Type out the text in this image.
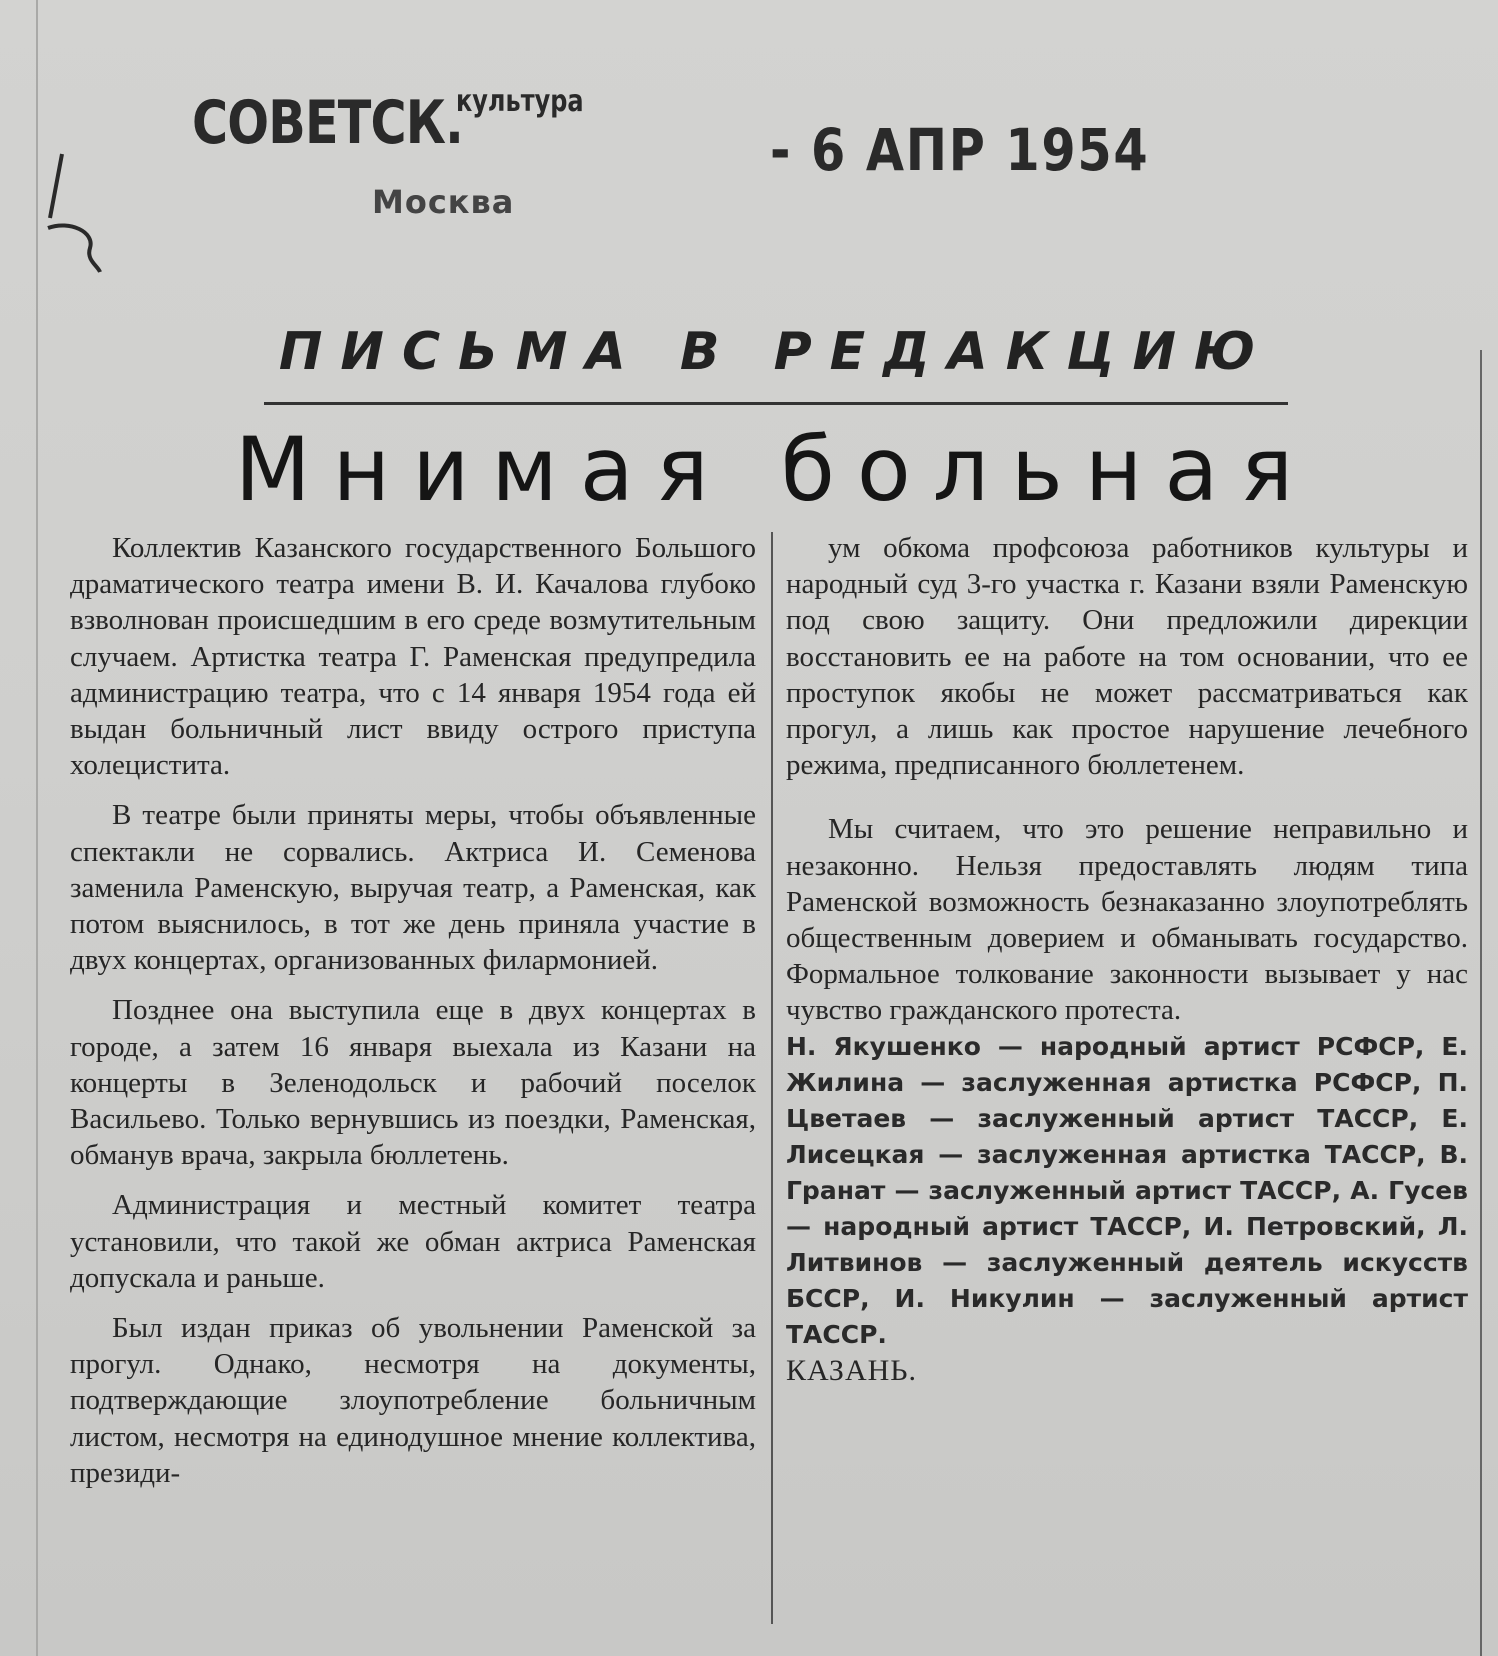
СОВЕТСК.
культура
Москва
- 6 АПР 1954
ПИСЬМА В РЕДАКЦИЮ
Мнимая больная

Коллектив Казанского государственного Большого драматического театра имени В. И. Качалова глубоко взволнован происшедшим в его среде возмутительным случаем. Артистка театра Г. Раменская предупредила администрацию театра, что с 14 января 1954 года ей выдан больничный лист ввиду острого приступа холецистита.

В театре были приняты меры, чтобы объявленные спектакли не сорвались. Актриса И. Семенова заменила Раменскую, выручая театр, а Раменская, как потом выяснилось, в тот же день приняла участие в двух концертах, организованных филармонией.

Позднее она выступила еще в двух концертах в городе, а затем 16 января выехала из Казани на концерты в Зеленодольск и рабочий поселок Васильево. Только вернувшись из поездки, Раменская, обманув врача, закрыла бюллетень.

Администрация и местный комитет театра установили, что такой же обман актриса Раменская допускала и раньше.

Был издан приказ об увольнении Раменской за прогул. Однако, несмотря на документы, подтверждающие злоупотребление больничным листом, несмотря на единодушное мнение коллектива, президи-

ум обкома профсоюза работников культуры и народный суд 3-го участка г. Казани взяли Раменскую под свою защиту. Они предложили дирекции восстановить ее на работе на том основании, что ее проступок якобы не может рассматриваться как прогул, а лишь как простое нарушение лечебного режима, предписанного бюллетенем.

Мы считаем, что это решение неправильно и незаконно. Нельзя предоставлять людям типа Раменской возможность безнаказанно злоупотреблять общественным доверием и обманывать государство. Формальное толкование законности вызывает у нас чувство гражданского протеста.

Н. Якушенко — народный артист РСФСР, Е. Жилина — заслуженная артистка РСФСР, П. Цветаев — заслуженный артист ТАССР, Е. Лисецкая — заслуженная артистка ТАССР, В. Гранат — заслуженный артист ТАССР, А. Гусев — народный артист ТАССР, И. Петровский, Л. Литвинов — заслуженный деятель искусств БССР, И. Никулин — заслуженный артист ТАССР.

КАЗАНЬ.
